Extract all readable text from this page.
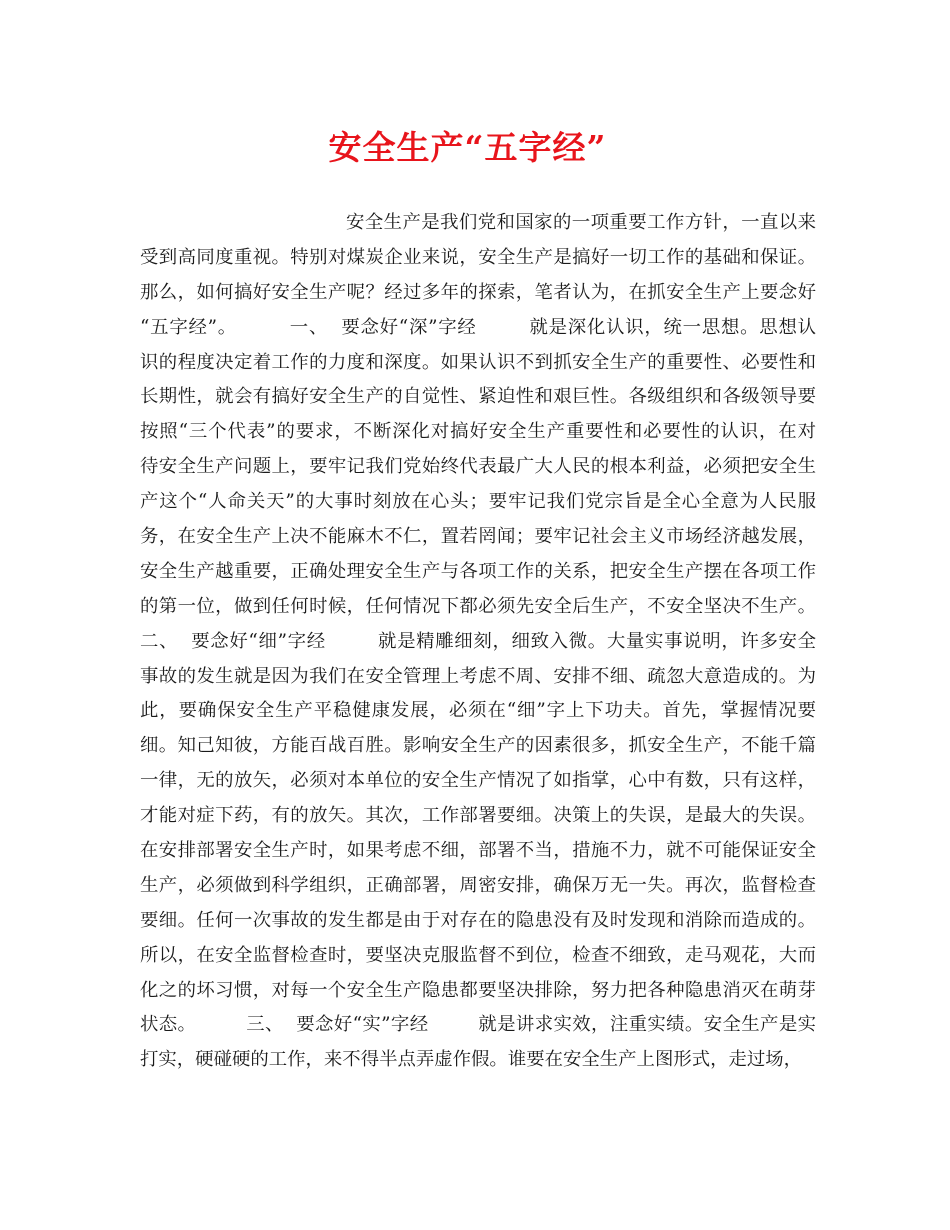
安全生产“五字经”
安全生产是我们党和国家的一项重要工作方针，一直以来
受到高同度重视。特别对煤炭企业来说，安全生产是搞好一切工作的基础和保证。
那么，如何搞好安全生产呢？经过多年的探索，笔者认为，在抓安全生产上要念好
“五字经”。        一、  要念好“深”字经        就是深化认识，统一思想。思想认
识的程度决定着工作的力度和深度。如果认识不到抓安全生产的重要性、必要性和
长期性，就会有搞好安全生产的自觉性、紧迫性和艰巨性。各级组织和各级领导要
按照“三个代表”的要求，不断深化对搞好安全生产重要性和必要性的认识，在对
待安全生产问题上，要牢记我们党始终代表最广大人民的根本利益，必须把安全生
产这个“人命关天”的大事时刻放在心头；要牢记我们党宗旨是全心全意为人民服
务，在安全生产上决不能麻木不仁，置若罔闻；要牢记社会主义市场经济越发展，
安全生产越重要，正确处理安全生产与各项工作的关系，把安全生产摆在各项工作
的第一位，做到任何时候，任何情况下都必须先安全后生产，不安全坚决不生产。
二、  要念好“细”字经        就是精雕细刻，细致入微。大量实事说明，许多安全
事故的发生就是因为我们在安全管理上考虑不周、安排不细、疏忽大意造成的。为
此，要确保安全生产平稳健康发展，必须在“细”字上下功夫。首先，掌握情况要
细。知己知彼，方能百战百胜。影响安全生产的因素很多，抓安全生产，不能千篇
一律，无的放矢，必须对本单位的安全生产情况了如指掌，心中有数，只有这样，
才能对症下药，有的放矢。其次，工作部署要细。决策上的失误，是最大的失误。
在安排部署安全生产时，如果考虑不细，部署不当，措施不力，就不可能保证安全
生产，必须做到科学组织，正确部署，周密安排，确保万无一失。再次，监督检查
要细。任何一次事故的发生都是由于对存在的隐患没有及时发现和消除而造成的。
所以，在安全监督检查时，要坚决克服监督不到位，检查不细致，走马观花，大而
化之的坏习惯，对每一个安全生产隐患都要坚决排除，努力把各种隐患消灭在萌芽
状态。        三、  要念好“实”字经        就是讲求实效，注重实绩。安全生产是实
打实，硬碰硬的工作，来不得半点弄虚作假。谁要在安全生产上图形式，走过场，
